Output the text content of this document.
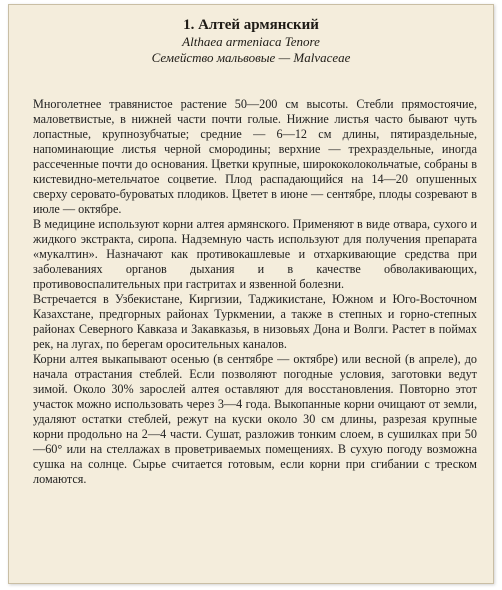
1. Алтей армянский
Althaea armeniaca Tenore
Семейство мальвовые — Malvaceae

Многолетнее травянистое растение 50—200 см высоты. Стебли прямостоячие, маловетвистые, в нижней части почти голые. Нижние листья часто бывают чуть лопастные, крупнозубчатые; средние — 6—12 см длины, пятираздельные, напоминающие листья черной смородины; верхние — трехраздельные, иногда рассеченные почти до основания. Цветки крупные, ширококолокольчатые, собраны в кистевидно-метельчатое соцветие. Плод распадающийся на 14—20 опушенных сверху серовато-буроватых плодиков. Цветет в июне — сентябре, плоды созревают в июле — октябре.

В медицине используют корни алтея армянского. Применяют в виде отвара, сухого и жидкого экстракта, сиропа. Надземную часть используют для получения препарата «мукалтин». Назначают как противокашлевые и отхаркивающие средства при заболеваниях органов дыхания и в качестве обволакивающих, противовоспалительных при гастритах и язвенной болезни.

Встречается в Узбекистане, Киргизии, Таджикистане, Южном и Юго-Восточном Казахстане, предгорных районах Туркмении, а также в степных и горно-степных районах Северного Кавказа и Закавказья, в низовьях Дона и Волги. Растет в поймах рек, на лугах, по берегам оросительных каналов.

Корни алтея выкапывают осенью (в сентябре — октябре) или весной (в апреле), до начала отрастания стеблей. Если позволяют погодные условия, заготовки ведут зимой. Около 30% зарослей алтея оставляют для восстановления. Повторно этот участок можно использовать через 3—4 года. Выкопанные корни очищают от земли, удаляют остатки стеблей, режут на куски около 30 см длины, разрезая крупные корни продольно на 2—4 части. Сушат, разложив тонким слоем, в сушилках при 50—60° или на стеллажах в проветриваемых помещениях. В сухую погоду возможна сушка на солнце. Сырье считается готовым, если корни при сгибании с треском ломаются.
